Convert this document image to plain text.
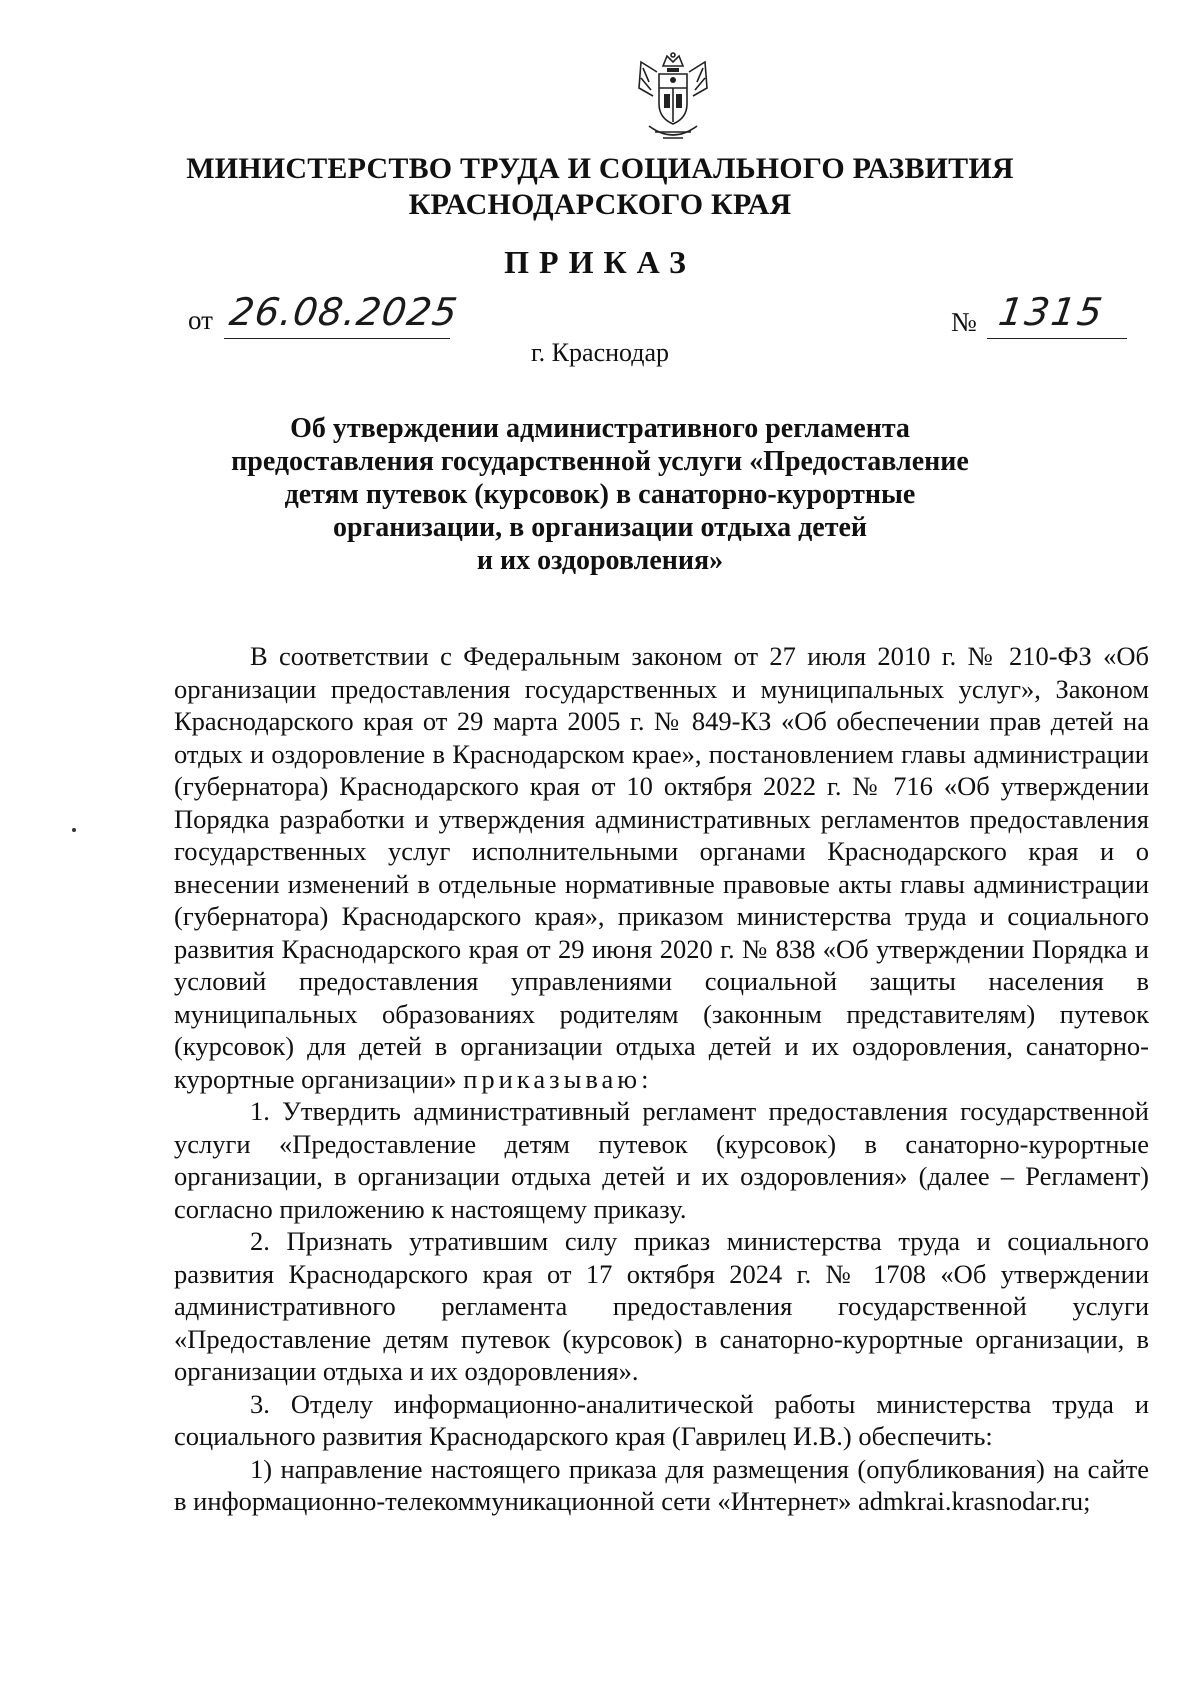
МИНИСТЕРСТВО ТРУДА И СОЦИАЛЬНОГО РАЗВИТИЯ
КРАСНОДАРСКОГО КРАЯ
ПРИКАЗ
от 26.08.2025	№ 1315
г. Краснодар
Об утверждении административного регламента
предоставления государственной услуги «Предоставление
детям путевок (курсовок) в санаторно-курортные
организации, в организации отдыха детей
и их оздоровления»

В соответствии с Федеральным законом от 27 июля 2010 г. № 210-ФЗ «Об организации предоставления государственных и муниципальных услуг», Законом Краснодарского края от 29 марта 2005 г. № 849-КЗ «Об обеспечении прав детей на отдых и оздоровление в Краснодарском крае», постановлением главы администрации (губернатора) Краснодарского края от 10 октября 2022 г. № 716 «Об утверждении Порядка разработки и утверждения административных регламентов предоставления государственных услуг исполнительными органами Краснодарского края и о внесении изменений в отдельные нормативные правовые акты главы администрации (губернатора) Краснодарского края», приказом министерства труда и социального развития Краснодарского края от 29 июня 2020 г. № 838 «Об утверждении Порядка и условий предоставления управлениями социальной защиты населения в муниципальных образованиях родителям (законным представителям) путевок (курсовок) для детей в организации отдыха детей и их оздоровления, санаторно-курортные организации» приказываю:

1. Утвердить административный регламент предоставления государственной услуги «Предоставление детям путевок (курсовок) в санаторно-курортные организации, в организации отдыха детей и их оздоровления» (далее – Регламент) согласно приложению к настоящему приказу.

2. Признать утратившим силу приказ министерства труда и социального развития Краснодарского края от 17 октября 2024 г. № 1708 «Об утверждении административного регламента предоставления государственной услуги «Предоставление детям путевок (курсовок) в санаторно-курортные организации, в организации отдыха и их оздоровления».

3. Отделу информационно-аналитической работы министерства труда и социального развития Краснодарского края (Гаврилец И.В.) обеспечить:

1) направление настоящего приказа для размещения (опубликования) на сайте в информационно-телекоммуникационной сети «Интернет» admkrai.krasnodar.ru;
